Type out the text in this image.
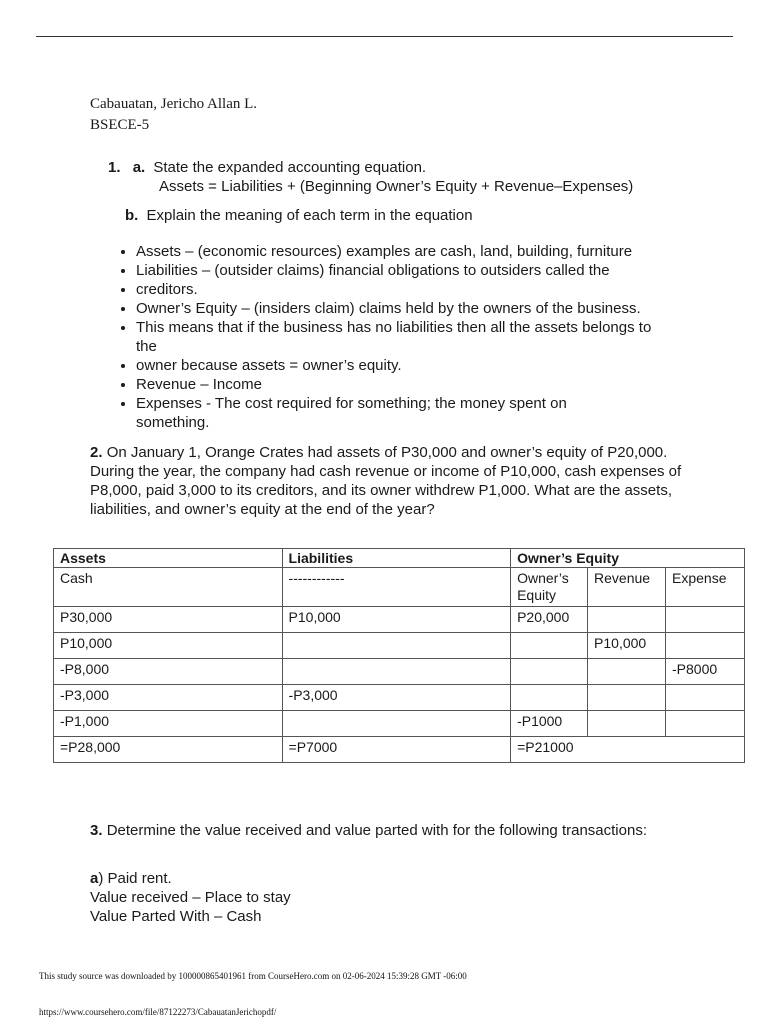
Cabauatan, Jericho Allan L.
BSECE-5
1. a. State the expanded accounting equation.
Assets = Liabilities + (Beginning Owner’s Equity + Revenue–Expenses)
b. Explain the meaning of each term in the equation
• Assets – (economic resources) examples are cash, land, building, furniture
• Liabilities – (outsider claims) financial obligations to outsiders called the
• creditors.
• Owner’s Equity – (insiders claim) claims held by the owners of the business.
• This means that if the business has no liabilities then all the assets belongs to the
• owner because assets = owner’s equity.
• Revenue – Income
• Expenses - The cost required for something; the money spent on something.
2. On January 1, Orange Crates had assets of P30,000 and owner’s equity of P20,000. During the year, the company had cash revenue or income of P10,000, cash expenses of P8,000, paid 3,000 to its creditors, and its owner withdrew P1,000. What are the assets, liabilities, and owner’s equity at the end of the year?
Assets	Liabilities	Owner’s Equity		
Cash	------------	Owner’s Equity	Revenue	Expense
P30,000	P10,000	P20,000		
P10,000			P10,000	
-P8,000				-P8000
-P3,000	-P3,000			
-P1,000		-P1000		
=P28,000	=P7000	=P21000		
3. Determine the value received and value parted with for the following transactions:
a) Paid rent.
Value received – Place to stay
Value Parted With – Cash
This study source was downloaded by 100000865401961 from CourseHero.com on 02-06-2024 15:39:28 GMT -06:00
https://www.coursehero.com/file/87122273/CabauatanJerichopdf/
